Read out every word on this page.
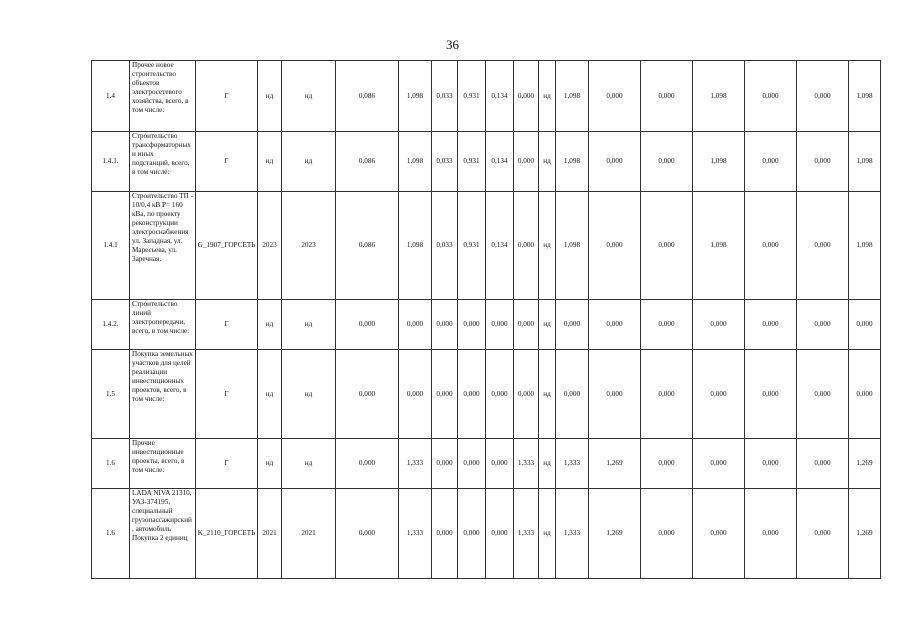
36
1.4	Прочее новое строительство объектов электросетевого хозяйства, всего, в том числе:	Г	нд	нд	0,086	1,098	0,033	0,931	0,134	0,000	нд	1,098	0,000	0,000	1,098	0,000	0,000	1,098
1.4.1.	Строительство трансформаторных и иных подстанций, всего, в том числе:	Г	нд	нд	0,086	1,098	0,033	0,931	0,134	0,000	нд	1,098	0,000	0,000	1,098	0,000	0,000	1,098
1.4.1	Строительство ТП - 10/0,4 кВ Р= 160 кВа, по проекту реконструкции электроснабжения ул. Западная, ул. Маресьева, ул. Заречная.	G_1907_ГОРСЕТЬ	2023	2023	0,086	1,098	0,033	0,931	0,134	0,000	нд	1,098	0,000	0,000	1,098	0,000	0,000	1,098
1.4.2.	Строительство линий электропередачи, всего, в том числе:	Г	нд	нд	0,000	0,000	0,000	0,000	0,000	0,000	нд	0,000	0,000	0,000	0,000	0,000	0,000	0,000
1.5	Покупка земельных участков для целей реализации инвестиционных проектов, всего, в том числе:	Г	нд	нд	0,000	0,000	0,000	0,000	0,000	0,000	нд	0,000	0,000	0,000	0,000	0,000	0,000	0,000
1.6	Прочие инвестиционные проекты, всего, в том числе:	Г	нд	нд	0,000	1,333	0,000	0,000	0,000	1,333	нд	1,333	1,269	0,000	0,000	0,000	0,000	1,269
1.6	LADA NIVA 21310, УАЗ-374195, специальный грузопассажирский, автомобиль Покупка 2 единиц	K_2110_ГОРСЕТЬ	2021	2021	0,000	1,333	0,000	0,000	0,000	1,333	нд	1,333	1,269	0,000	0,000	0,000	0,000	1,269
